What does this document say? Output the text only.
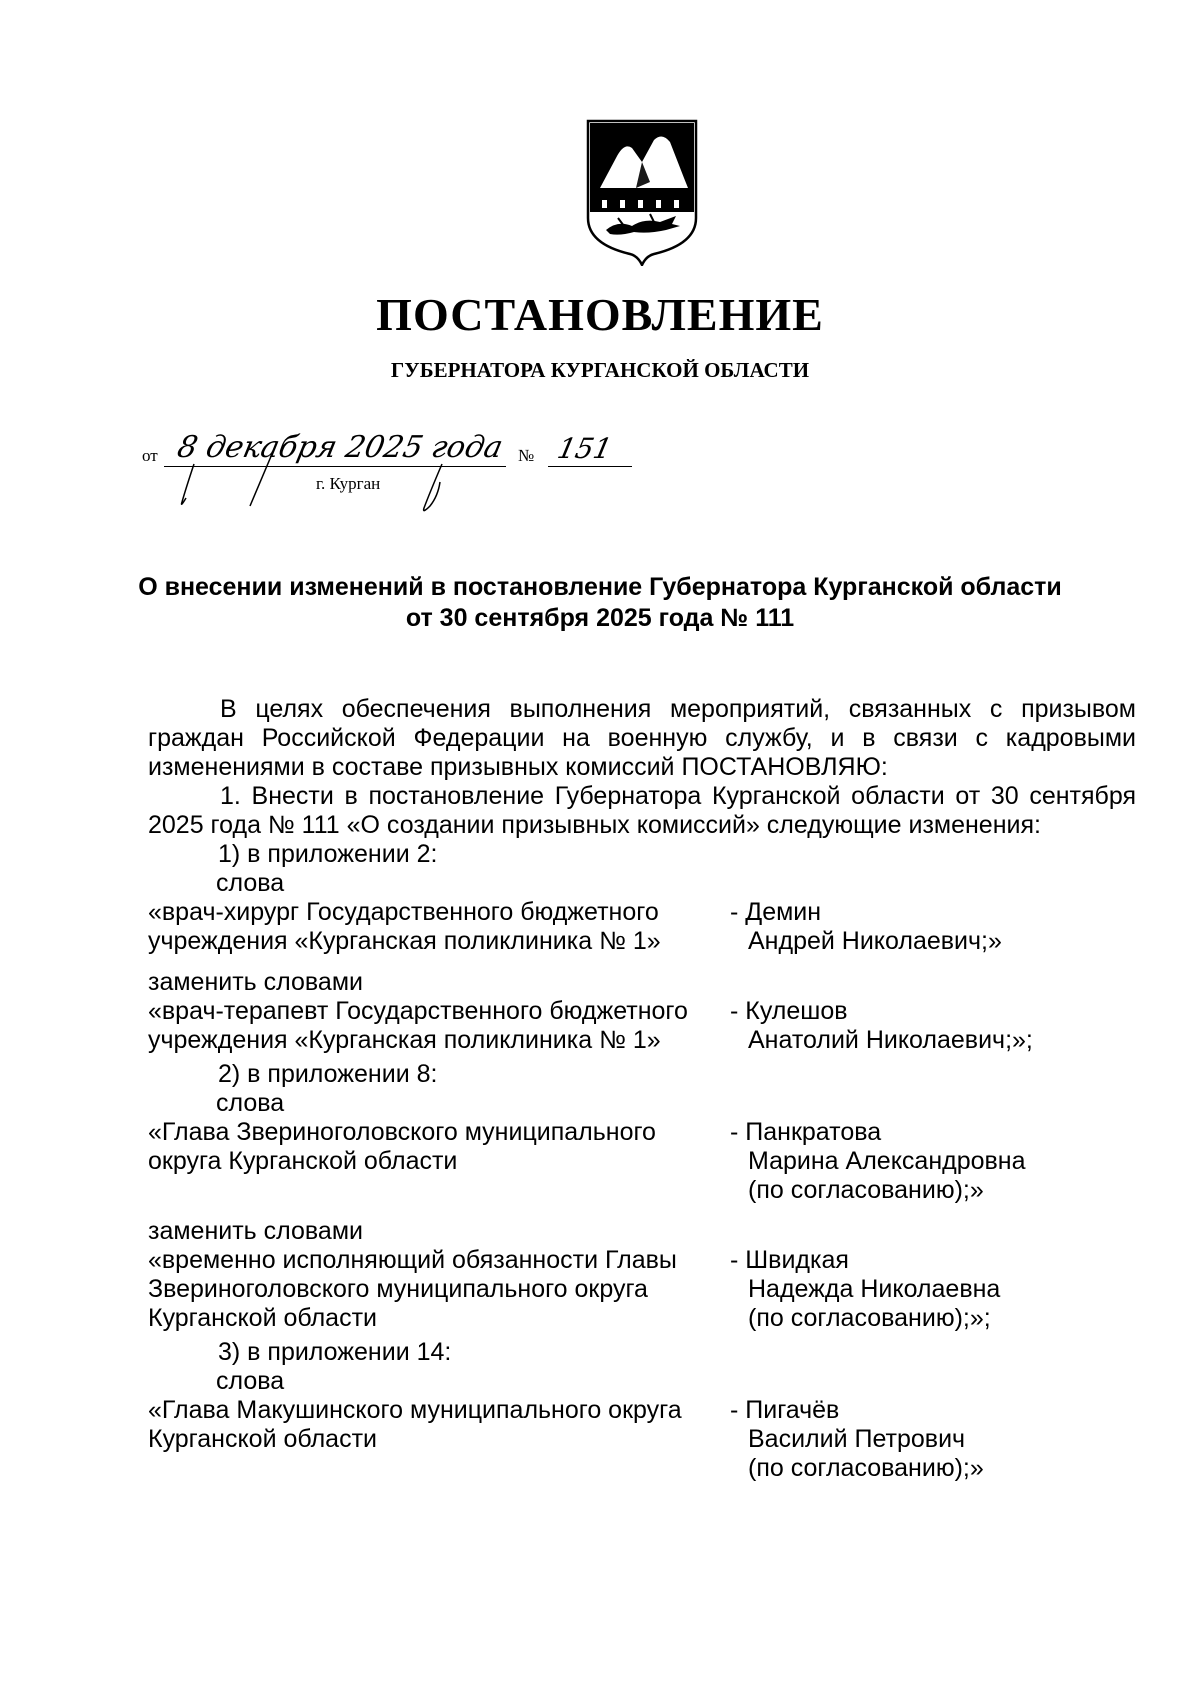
ПОСТАНОВЛЕНИЕ
ГУБЕРНАТОРА КУРГАНСКОЙ ОБЛАСТИ
от 8 декабря 2025 года № 151
г. Курган
О внесении изменений в постановление Губернатора Курганской области
от 30 сентября 2025 года № 111

В целях обеспечения выполнения мероприятий, связанных с призывом граждан Российской Федерации на военную службу, и в связи с кадровыми изменениями в составе призывных комиссий ПОСТАНОВЛЯЮ:

1. Внести в постановление Губернатора Курганской области от 30 сентября 2025 года № 111 «О создании призывных комиссий» следующие изменения:

1) в приложении 2:
слова
«врач-хирург Государственного бюджетного
учреждения «Курганская поликлиника № 1»
- Демин
Андрей Николаевич;»
заменить словами
«врач-терапевт Государственного бюджетного
учреждения «Курганская поликлиника № 1»
- Кулешов
Анатолий Николаевич;»;
2) в приложении 8:
слова
«Глава Звериноголовского муниципального
округа Курганской области
- Панкратова
Марина Александровна
(по согласованию);»
заменить словами
«временно исполняющий обязанности Главы
Звериноголовского муниципального округа
Курганской области
- Швидкая
Надежда Николаевна
(по согласованию);»;
3) в приложении 14:
слова
«Глава Макушинского муниципального округа
Курганской области
- Пигачёв
Василий Петрович
(по согласованию);»
